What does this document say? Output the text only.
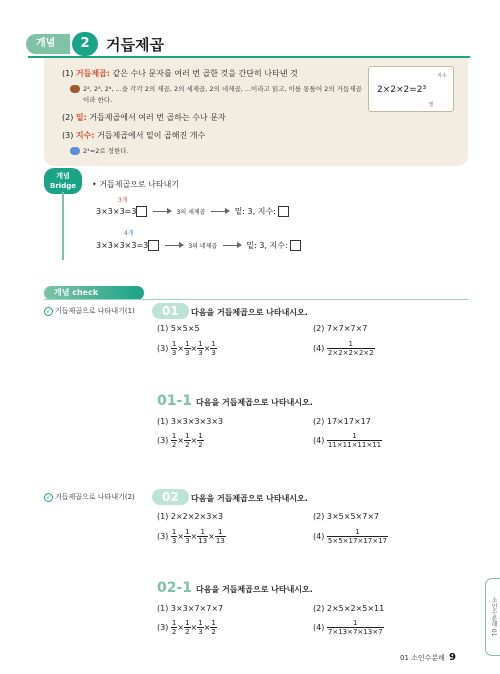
개념	2	거듭제곱
(1) 거듭제곱: 같은 수나 문자를 여러 번 곱한 것을 간단히 나타낸 것
2², 2³, 2⁴, ...을 각각 2의 제곱, 2의 세제곱, 2의 네제곱, ...이라고 읽고, 이를 통틀어 2의 거듭제곱
이라 한다.
(2) 밑: 거듭제곱에서 여러 번 곱하는 수나 문자
(3) 지수: 거듭제곱에서 밑이 곱해진 개수
2¹=2로 정한다.
2×2×2=2³
지수
밑
개념
Bridge	• 거듭제곱으로 나타내기
3개
3×3×3=3	3의 세제곱	밑: 3, 지수:
4개
3×3×3×3=3	3의 네제곱	밑: 3, 지수:
개념 check
✓ 거듭제곱으로 나타내기(1)	01	다음을 거듭제곱으로 나타내시오.
(1) 5×5×5	(2) 7×7×7×7
$(3) \frac{1}{3} \times \frac{1}{3} \times \frac{1}{3} \times \frac{1}{3}$	$(4) \frac{1}{2\times 2\times 2\times 2\times 2}$
01-1 다음을 거듭제곱으로 나타내시오.
(1) 3×3×3×3×3	(2) 17×17×17
$(3) \frac{1}{2} \times \frac{1}{2} \times \frac{1}{2}$	$(4) \frac{1}{11\times 11\times 11\times 11}$
✓ 거듭제곱으로 나타내기(2)	02	다음을 거듭제곱으로 나타내시오.
(1) 2×2×2×3×3	(2) 3×5×5×7×7
$(3) \frac{1}{3} \times \frac{1}{3} \times \frac{1}{13} \times \frac{1}{13}$	$(4) \frac{1}{5\times 5\times 17\times 17\times 17}$
02-1 다음을 거듭제곱으로 나타내시오.
(1) 3×3×7×7×7	(2) 2×5×2×5×11
$(3) \frac{1}{2} \times \frac{1}{2} \times \frac{1}{3} \times \frac{1}{2}$	$(4) \frac{1}{7\times 13\times 7\times 13\times 7}$	소인수분해 01
01 소인수분해 9
